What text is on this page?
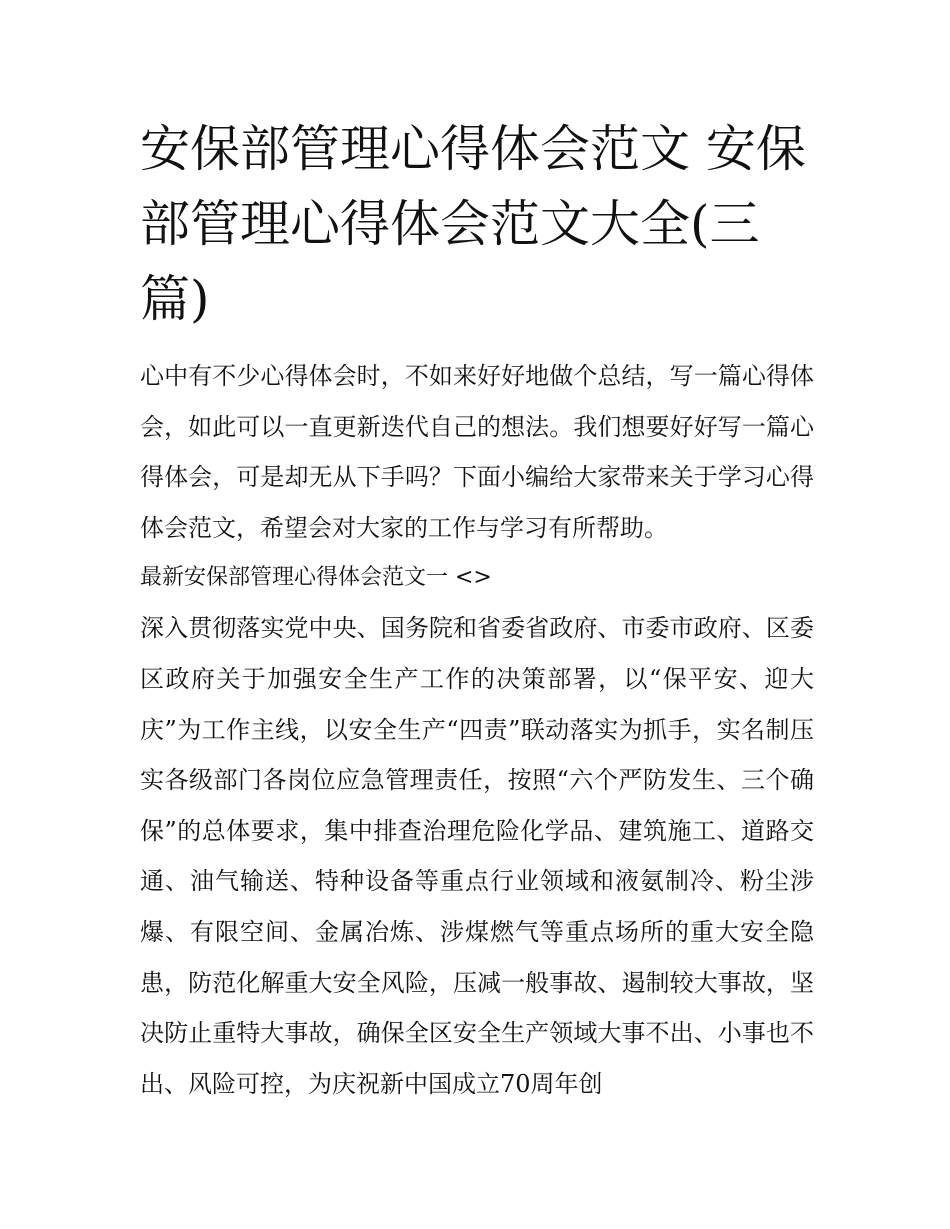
安保部管理心得体会范文 安保部管理心得体会范文大全(三篇)

心中有不少心得体会时，不如来好好地做个总结，写一篇心得体会，如此可以一直更新迭代自己的想法。我们想要好好写一篇心得体会，可是却无从下手吗？下面小编给大家带来关于学习心得体会范文，希望会对大家的工作与学习有所帮助。

最新安保部管理心得体会范文一 <>

深入贯彻落实党中央、国务院和省委省政府、市委市政府、区委区政府关于加强安全生产工作的决策部署，以“保平安、迎大庆”为工作主线，以安全生产“四责”联动落实为抓手，实名制压实各级部门各岗位应急管理责任，按照“六个严防发生、三个确保”的总体要求，集中排查治理危险化学品、建筑施工、道路交通、油气输送、特种设备等重点行业领域和液氨制冷、粉尘涉爆、有限空间、金属冶炼、涉煤燃气等重点场所的重大安全隐患，防范化解重大安全风险，压减一般事故、遏制较大事故，坚决防止重特大事故，确保全区安全生产领域大事不出、小事也不出、风险可控，为庆祝新中国成立70周年创
